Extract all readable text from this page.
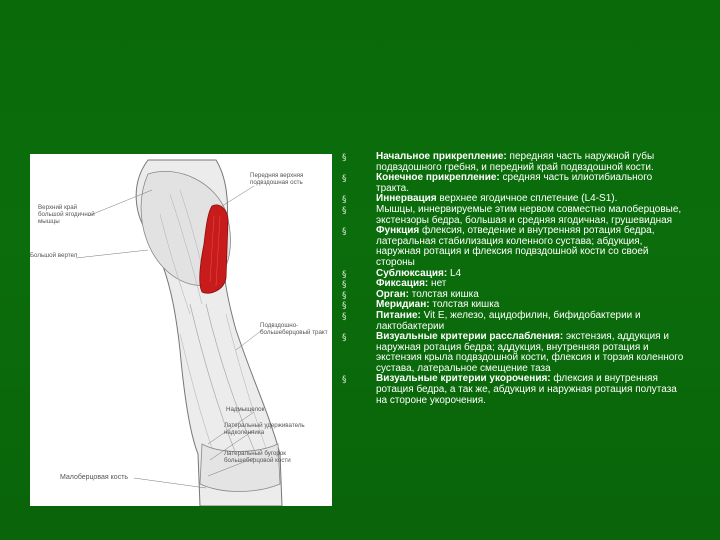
Верхний край большой ягодичной мышцы
Большой вертел
Передняя верхняя подвздошная ость
Подвздошно-большеберцовый тракт
Надмыщелок
Латеральный удерживатель надколенника
Латеральный бугорок большеберцовой кости
Малоберцовая кость
§	Начальное прикрепление: передняя часть наружной губы подвздошного гребня, и передний край подвздошной кости.
§	Конечное прикрепление: средняя часть илиотибиального тракта.
§	Иннервация верхнее ягодичное сплетение (L4-S1).
§	Мышцы, иннервируемые этим нервом совместно малоберцовые, экстензоры бедра, большая и средняя ягодичная, грушевидная
§	Функция флексия, отведение и внутренняя ротация бедра, латеральная стабилизация коленного сустава; абдукция, наружная ротация и флексия подвздошной кости со своей стороны
§	Сублюксация: L4
§	Фиксация: нет
§	Орган: толстая кишка
§	Меридиан: толстая кишка
§	Питание: Vit E, железо, ацидофилин, бифидобактерии и лактобактерии
§	Визуальные критерии расслабления: экстензия, аддукция и наружная ротация бедра; аддукция, внутренняя ротация и экстензия крыла подвздошной кости, флексия и торзия коленного сустава, латеральное смещение таза
§	Визуальные критерии укорочения: флексия и внутренняя ротация бедра, а так же, абдукция и наружная ротация полутаза на стороне укорочения.
